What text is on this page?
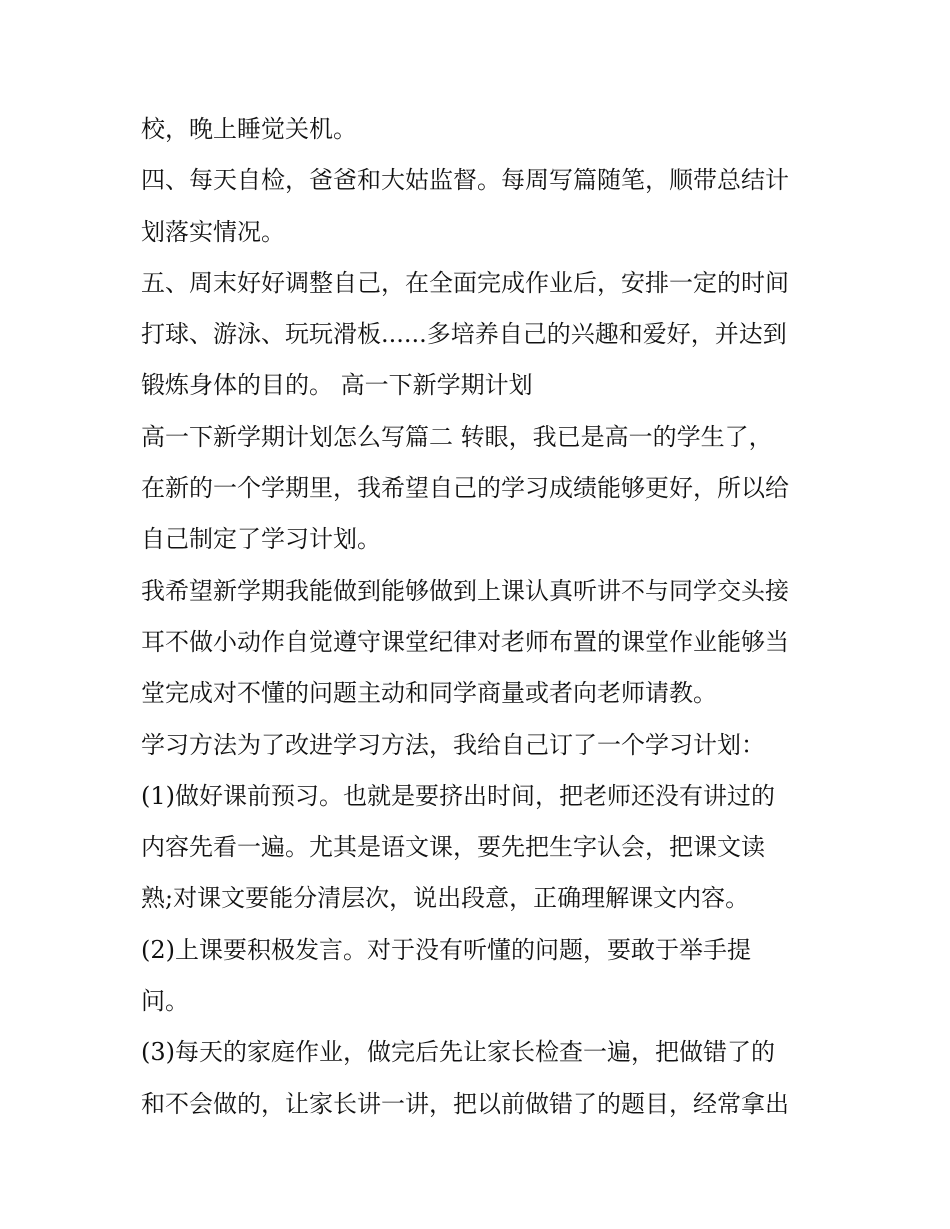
校，晚上睡觉关机。
四、每天自检，爸爸和大姑监督。每周写篇随笔，顺带总结计
划落实情况。
五、周末好好调整自己，在全面完成作业后，安排一定的时间
打球、游泳、玩玩滑板......多培养自己的兴趣和爱好，并达到
锻炼身体的目的。 高一下新学期计划
高一下新学期计划怎么写篇二 转眼，我已是高一的学生了，
在新的一个学期里，我希望自己的学习成绩能够更好，所以给
自己制定了学习计划。
我希望新学期我能做到能够做到上课认真听讲不与同学交头接
耳不做小动作自觉遵守课堂纪律对老师布置的课堂作业能够当
堂完成对不懂的问题主动和同学商量或者向老师请教。
学习方法为了改进学习方法，我给自己订了一个学习计划：
(1)做好课前预习。也就是要挤出时间，把老师还没有讲过的
内容先看一遍。尤其是语文课，要先把生字认会，把课文读
熟;对课文要能分清层次，说出段意，正确理解课文内容。
(2)上课要积极发言。对于没有听懂的问题，要敢于举手提
问。
(3)每天的家庭作业，做完后先让家长检查一遍，把做错了的
和不会做的，让家长讲一讲，把以前做错了的题目，经常拿出
